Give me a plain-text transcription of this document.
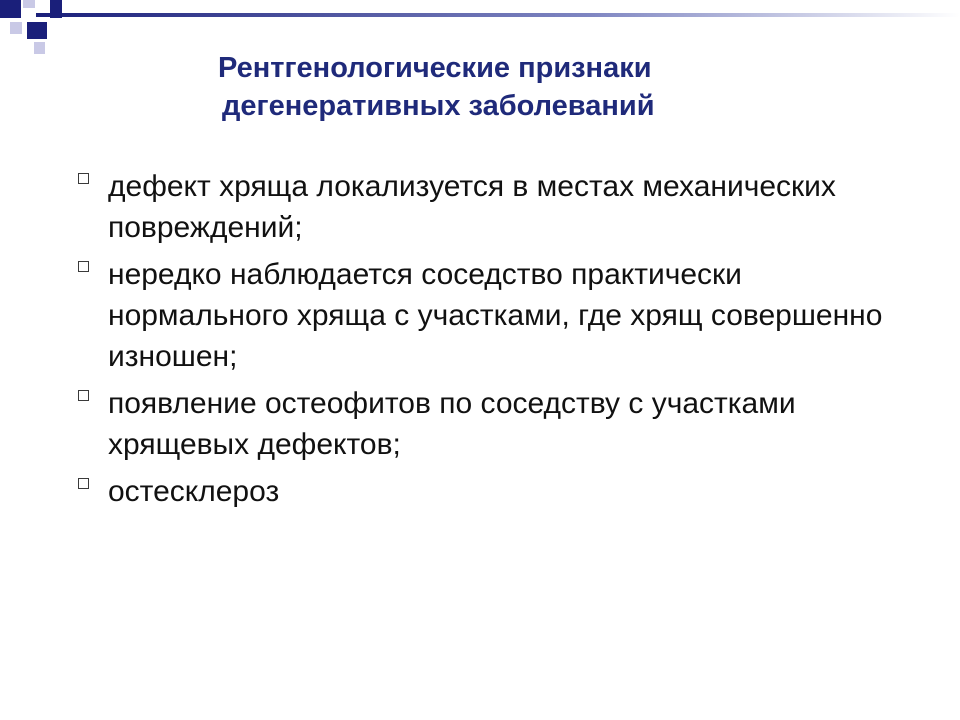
Рентгенологические признаки
дегенеративных заболеваний
дефект хряща локализуется в местах механических повреждений;
нередко наблюдается соседство практически нормального хряща с участками, где хрящ совершенно изношен;
появление остеофитов по соседству с участками хрящевых дефектов;
остесклероз
